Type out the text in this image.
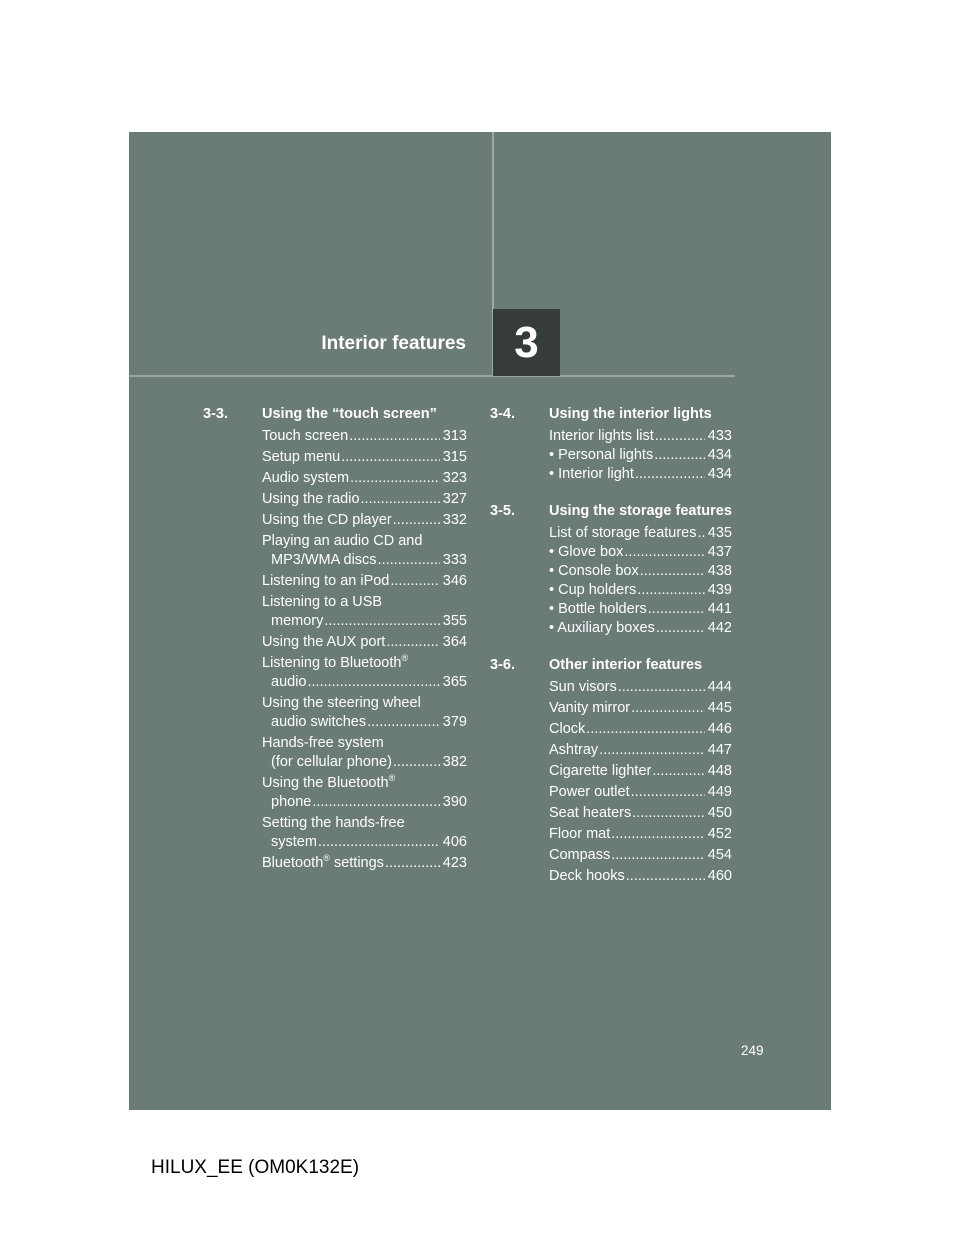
Interior features	3
3-3.	Using the “touch screen”
Touch screen .....	313
Setup menu .....	315
Audio system .....	323
Using the radio .....	327
Using the CD player .....	332
Playing an audio CD and
MP3/WMA discs .....	333
Listening to an iPod .....	346
Listening to a USB
memory .....	355
Using the AUX port .....	364
Listening to Bluetooth®
audio .....	365
Using the steering wheel
audio switches .....	379
Hands-free system
(for cellular phone) .....	382
Using the Bluetooth®
phone .....	390
Setting the hands-free
system .....	406
Bluetooth® settings .....	423
3-4.	Using the interior lights
Interior lights list .....	433
• Personal lights .....	434
• Interior light .....	434
3-5.	Using the storage features
List of storage features ..... 435
• Glove box .....	437
• Console box .....	438
• Cup holders .....	439
• Bottle holders .....	441
• Auxiliary boxes .....	442
3-6.	Other interior features
Sun visors .....	444
Vanity mirror .....	445
Clock .....	446
Ashtray .....	447
Cigarette lighter .....	448
Power outlet .....	449
Seat heaters .....	450
Floor mat .....	452
Compass .....	454
Deck hooks .....	460
249
HILUX_EE (OM0K132E)
